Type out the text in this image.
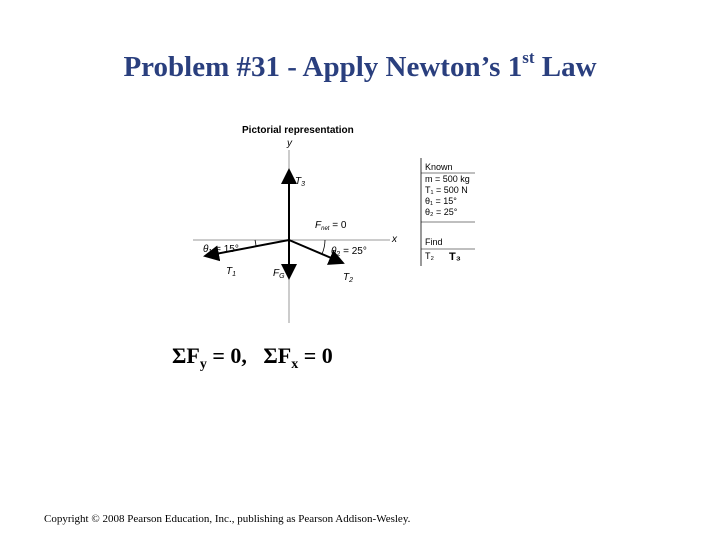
Problem #31 - Apply Newton’s 1st Law
Pictorial representation
y
x
$T_3$
$F_{net} = 0$
$\theta_1 = 15^\circ$	$\theta_2 = 25^\circ$
$T_1$	$F_G$	$T_2$
Known
m = 500 kg
T₁ = 500 N
θ₁ = 15°
θ₂ = 25°
Find
T₂ T₃
$\Sigma F_y = 0$,   $\Sigma F_x = 0$
Copyright © 2008 Pearson Education, Inc., publishing as Pearson Addison-Wesley.
